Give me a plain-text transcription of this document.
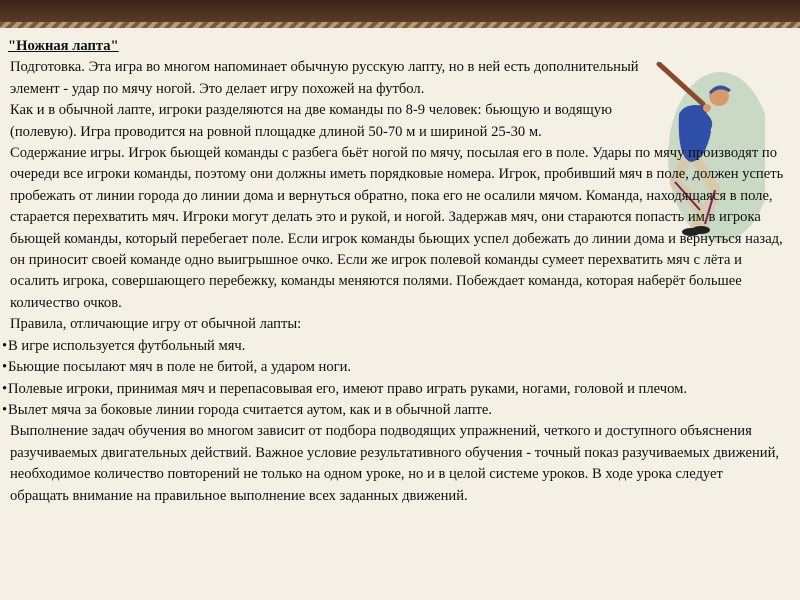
"Ножная лапта"

Подготовка. Эта игра во многом напоминает обычную русскую лапту, но в ней есть дополнительный элемент - удар по мячу ногой. Это делает игру похожей на футбол.

Как и в обычной лапте, игроки разделяются на две команды по 8-9 человек: бьющую и водящую (полевую). Игра проводится на ровной площадке длиной 50-70 м и шириной 25-30 м.

Содержание игры. Игрок бьющей команды с разбега бьёт ногой по мячу, посылая его в поле. Удары по мячу производят по очереди все игроки команды, поэтому они должны иметь порядковые номера. Игрок, пробивший мяч в поле, должен успеть пробежать от линии города до линии дома и вернуться обратно, пока его не осалили мячом. Команда, находящаяся в поле, старается перехватить мяч. Игроки могут делать это и рукой, и ногой. Задержав мяч, они стараются попасть им в игрока бьющей команды, который перебегает поле. Если игрок команды бьющих успел добежать до линии дома и вернуться назад, он приносит своей команде одно выигрышное очко. Если же игрок полевой команды сумеет перехватить мяч с лёта и осалить игрока, совершающего перебежку, команды меняются полями. Побеждает команда, которая наберёт большее количество очков.

Правила, отличающие игру от обычной лапты:

• В игре используется футбольный мяч.

• Бьющие посылают мяч в поле не битой, а ударом ноги.

• Полевые игроки, принимая мяч и перепасовывая его, имеют право играть руками, ногами, головой и плечом.

• Вылет мяча за боковые линии города считается аутом, как и в обычной лапте.

Выполнение задач обучения во многом зависит от подбора подводящих упражнений, четкого и доступного объяснения разучиваемых двигательных действий. Важное условие результативного обучения - точный показ разучиваемых движений, необходимое количество повторений не только на одном уроке, но и в целой системе уроков. В ходе урока следует обращать внимание на правильное выполнение всех заданных движений.
